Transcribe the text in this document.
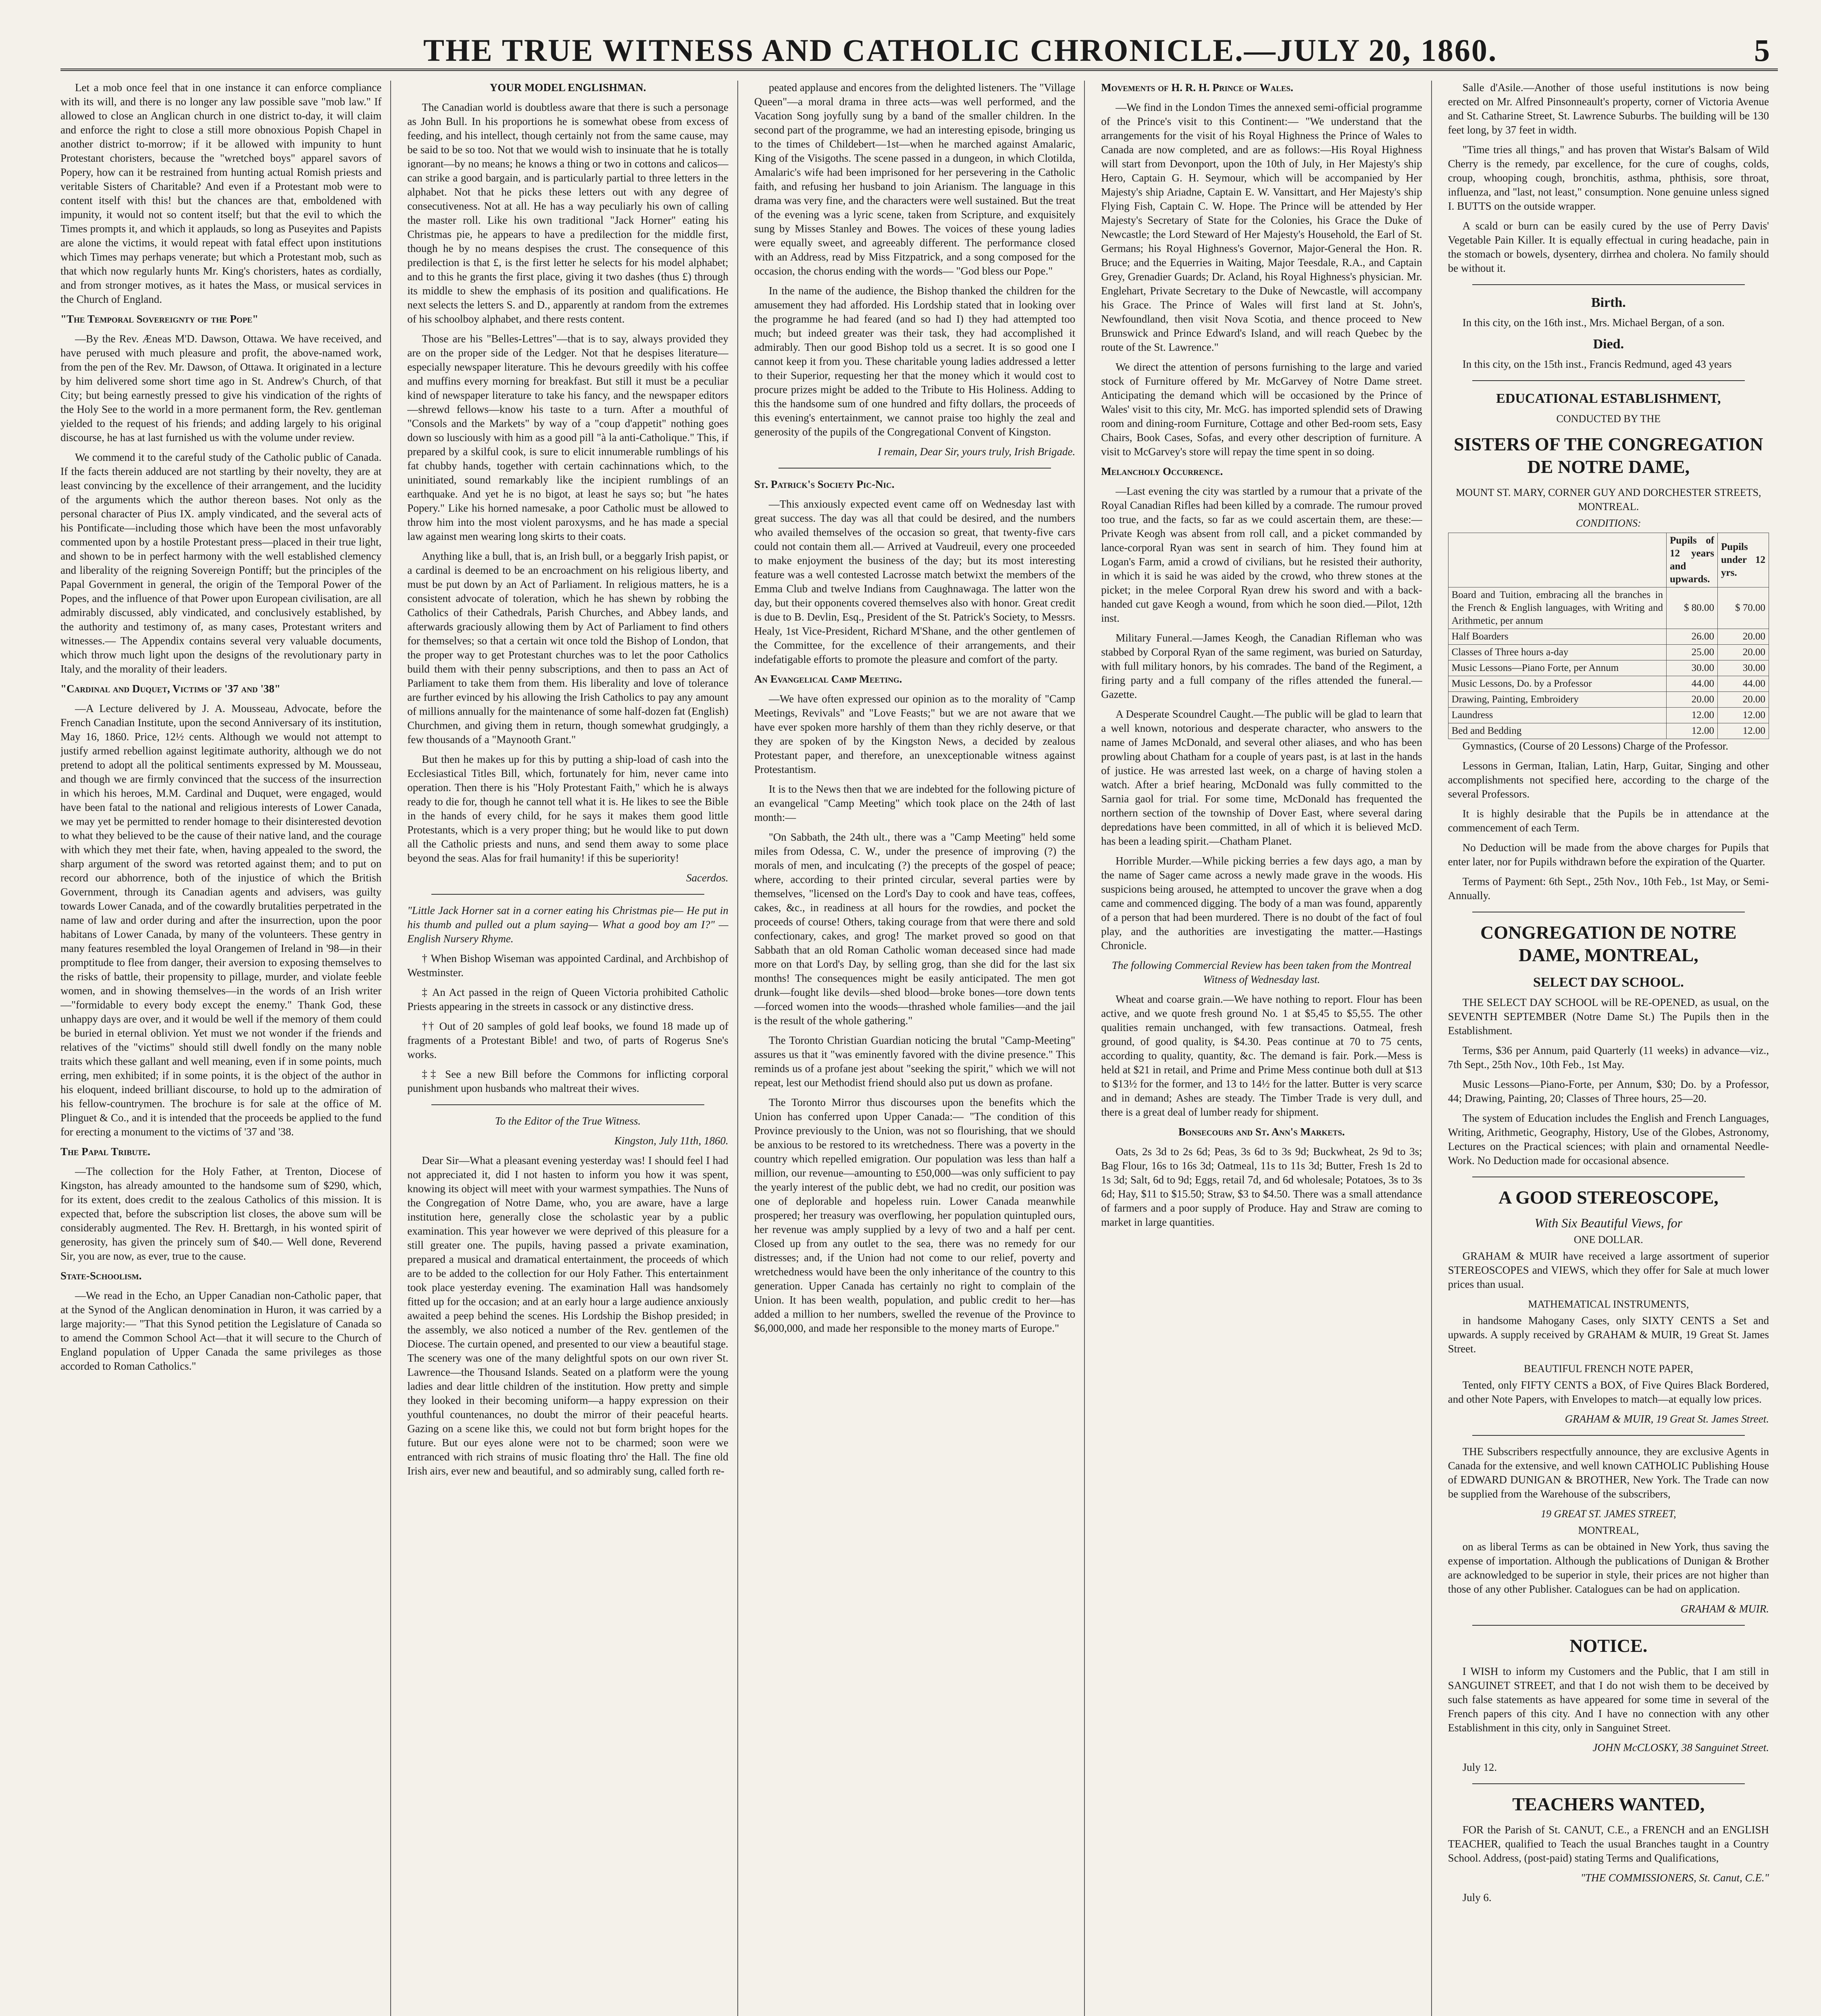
THE TRUE WITNESS AND CATHOLIC CHRONICLE.—JULY 20, 1860.	5

Let a mob once feel that in one instance it can enforce compliance with its will, and there is no longer any law possible save "mob law." If allowed to close an Anglican church in one district to-day, it will claim and enforce the right to close a still more obnoxious Popish Chapel in another district to-morrow; if it be allowed with impunity to hunt Protestant choristers, because the "wretched boys" apparel savors of Popery, how can it be restrained from hunting actual Romish priests and veritable Sisters of Charitable? And even if a Protestant mob were to content itself with this! but the chances are that, emboldened with impunity, it would not so content itself; but that the evil to which the Times prompts it, and which it applauds, so long as Puseyites and Papists are alone the victims, it would repeat with fatal effect upon institutions which Times may perhaps venerate; but which a Protestant mob, such as that which now regularly hunts Mr. King's choristers, hates as cordially, and from stronger motives, as it hates the Mass, or musical services in the Church of England.

"The Temporal Sovereignty of the Pope"

—By the Rev. Æneas M'D. Dawson, Ottawa. We have received, and have perused with much pleasure and profit, the above-named work, from the pen of the Rev. Mr. Dawson, of Ottawa. It originated in a lecture by him delivered some short time ago in St. Andrew's Church, of that City; but being earnestly pressed to give his vindication of the rights of the Holy See to the world in a more permanent form, the Rev. gentleman yielded to the request of his friends; and adding largely to his original discourse, he has at last furnished us with the volume under review.

We commend it to the careful study of the Catholic public of Canada. If the facts therein adduced are not startling by their novelty, they are at least convincing by the excellence of their arrangement, and the lucidity of the arguments which the author thereon bases. Not only as the personal character of Pius IX. amply vindicated, and the several acts of his Pontificate—including those which have been the most unfavorably commented upon by a hostile Protestant press—placed in their true light, and shown to be in perfect harmony with the well established clemency and liberality of the reigning Sovereign Pontiff; but the principles of the Papal Government in general, the origin of the Temporal Power of the Popes, and the influence of that Power upon European civilisation, are all admirably discussed, ably vindicated, and conclusively established, by the authority and testimony of, as many cases, Protestant writers and witnesses.— The Appendix contains several very valuable documents, which throw much light upon the designs of the revolutionary party in Italy, and the morality of their leaders.

"Cardinal and Duquet, Victims of '37 and '38"

—A Lecture delivered by J. A. Mousseau, Advocate, before the French Canadian Institute, upon the second Anniversary of its institution, May 16, 1860. Price, 12½ cents. Although we would not attempt to justify armed rebellion against legitimate authority, although we do not pretend to adopt all the political sentiments expressed by M. Mousseau, and though we are firmly convinced that the success of the insurrection in which his heroes, M.M. Cardinal and Duquet, were engaged, would have been fatal to the national and religious interests of Lower Canada, we may yet be permitted to render homage to their disinterested devotion to what they believed to be the cause of their native land, and the courage with which they met their fate, when, having appealed to the sword, the sharp argument of the sword was retorted against them; and to put on record our abhorrence, both of the injustice of which the British Government, through its Canadian agents and advisers, was guilty towards Lower Canada, and of the cowardly brutalities perpetrated in the name of law and order during and after the insurrection, upon the poor habitans of Lower Canada, by many of the volunteers. These gentry in many features resembled the loyal Orangemen of Ireland in '98—in their promptitude to flee from danger, their aversion to exposing themselves to the risks of battle, their propensity to pillage, murder, and violate feeble women, and in showing themselves—in the words of an Irish writer—"formidable to every body except the enemy." Thank God, these unhappy days are over, and it would be well if the memory of them could be buried in eternal oblivion. Yet must we not wonder if the friends and relatives of the "victims" should still dwell fondly on the many noble traits which these gallant and well meaning, even if in some points, much erring, men exhibited; if in some points, it is the object of the author in his eloquent, indeed brilliant discourse, to hold up to the admiration of his fellow-countrymen. The brochure is for sale at the office of M. Plinguet & Co., and it is intended that the proceeds be applied to the fund for erecting a monument to the victims of '37 and '38.

The Papal Tribute.

—The collection for the Holy Father, at Trenton, Diocese of Kingston, has already amounted to the handsome sum of $290, which, for its extent, does credit to the zealous Catholics of this mission. It is expected that, before the subscription list closes, the above sum will be considerably augmented. The Rev. H. Brettargh, in his wonted spirit of generosity, has given the princely sum of $40.— Well done, Reverend Sir, you are now, as ever, true to the cause.

State-Schoolism.

—We read in the Echo, an Upper Canadian non-Catholic paper, that at the Synod of the Anglican denomination in Huron, it was carried by a large majority:— "That this Synod petition the Legislature of Canada so to amend the Common School Act—that it will secure to the Church of England population of Upper Canada the same privileges as those accorded to Roman Catholics."

YOUR MODEL ENGLISHMAN.

The Canadian world is doubtless aware that there is such a personage as John Bull. In his proportions he is somewhat obese from excess of feeding, and his intellect, though certainly not from the same cause, may be said to be so too. Not that we would wish to insinuate that he is totally ignorant—by no means; he knows a thing or two in cottons and calicos—can strike a good bargain, and is particularly partial to three letters in the alphabet. Not that he picks these letters out with any degree of consecutiveness. Not at all. He has a way peculiarly his own of calling the master roll. Like his own traditional "Jack Horner" eating his Christmas pie, he appears to have a predilection for the middle first, though he by no means despises the crust. The consequence of this predilection is that £, is the first letter he selects for his model alphabet; and to this he grants the first place, giving it two dashes (thus £) through its middle to shew the emphasis of its position and qualifications. He next selects the letters S. and D., apparently at random from the extremes of his schoolboy alphabet, and there rests content.

Those are his "Belles-Lettres"—that is to say, always provided they are on the proper side of the Ledger. Not that he despises literature—especially newspaper literature. This he devours greedily with his coffee and muffins every morning for breakfast. But still it must be a peculiar kind of newspaper literature to take his fancy, and the newspaper editors—shrewd fellows—know his taste to a turn. After a mouthful of "Consols and the Markets" by way of a "coup d'appetit" nothing goes down so lusciously with him as a good pill "à la anti-Catholique." This, if prepared by a skilful cook, is sure to elicit innumerable rumblings of his fat chubby hands, together with certain cachinnations which, to the uninitiated, sound remarkably like the incipient rumblings of an earthquake. And yet he is no bigot, at least he says so; but "he hates Popery." Like his horned namesake, a poor Catholic must be allowed to throw him into the most violent paroxysms, and he has made a special law against men wearing long skirts to their coats.

Anything like a bull, that is, an Irish bull, or a beggarly Irish papist, or a cardinal is deemed to be an encroachment on his religious liberty, and must be put down by an Act of Parliament. In religious matters, he is a consistent advocate of toleration, which he has shewn by robbing the Catholics of their Cathedrals, Parish Churches, and Abbey lands, and afterwards graciously allowing them by Act of Parliament to find others for themselves; so that a certain wit once told the Bishop of London, that the proper way to get Protestant churches was to let the poor Catholics build them with their penny subscriptions, and then to pass an Act of Parliament to take them from them. His liberality and love of tolerance are further evinced by his allowing the Irish Catholics to pay any amount of millions annually for the maintenance of some half-dozen fat (English) Churchmen, and giving them in return, though somewhat grudgingly, a few thousands of a "Maynooth Grant."

But then he makes up for this by putting a ship-load of cash into the Ecclesiastical Titles Bill, which, fortunately for him, never came into operation. Then there is his "Holy Protestant Faith," which he is always ready to die for, though he cannot tell what it is. He likes to see the Bible in the hands of every child, for he says it makes them good little Protestants, which is a very proper thing; but he would like to put down all the Catholic priests and nuns, and send them away to some place beyond the seas. Alas for frail humanity! if this be superiority!

Sacerdos.

"Little Jack Horner sat in a corner eating his Christmas pie— He put in his thumb and pulled out a plum saying— What a good boy am I?" — English Nursery Rhyme.

† When Bishop Wiseman was appointed Cardinal, and Archbishop of Westminster.

‡ An Act passed in the reign of Queen Victoria prohibited Catholic Priests appearing in the streets in cassock or any distinctive dress.

†† Out of 20 samples of gold leaf books, we found 18 made up of fragments of a Protestant Bible! and two, of parts of Rogerus Sne's works.

‡‡ See a new Bill before the Commons for inflicting corporal punishment upon husbands who maltreat their wives.

To the Editor of the True Witness.

Kingston, July 11th, 1860.

Dear Sir—What a pleasant evening yesterday was! I should feel I had not appreciated it, did I not hasten to inform you how it was spent, knowing its object will meet with your warmest sympathies. The Nuns of the Congregation of Notre Dame, who, you are aware, have a large institution here, generally close the scholastic year by a public examination. This year however we were deprived of this pleasure for a still greater one. The pupils, having passed a private examination, prepared a musical and dramatical entertainment, the proceeds of which are to be added to the collection for our Holy Father. This entertainment took place yesterday evening. The examination Hall was handsomely fitted up for the occasion; and at an early hour a large audience anxiously awaited a peep behind the scenes. His Lordship the Bishop presided; in the assembly, we also noticed a number of the Rev. gentlemen of the Diocese. The curtain opened, and presented to our view a beautiful stage. The scenery was one of the many delightful spots on our own river St. Lawrence—the Thousand Islands. Seated on a platform were the young ladies and dear little children of the institution. How pretty and simple they looked in their becoming uniform—a happy expression on their youthful countenances, no doubt the mirror of their peaceful hearts. Gazing on a scene like this, we could not but form bright hopes for the future. But our eyes alone were not to be charmed; soon were we entranced with rich strains of music floating thro' the Hall. The fine old Irish airs, ever new and beautiful, and so admirably sung, called forth re-

peated applause and encores from the delighted listeners. The "Village Queen"—a moral drama in three acts—was well performed, and the Vacation Song joyfully sung by a band of the smaller children. In the second part of the programme, we had an interesting episode, bringing us to the times of Childebert—1st—when he marched against Amalaric, King of the Visigoths. The scene passed in a dungeon, in which Clotilda, Amalaric's wife had been imprisoned for her persevering in the Catholic faith, and refusing her husband to join Arianism. The language in this drama was very fine, and the characters were well sustained. But the treat of the evening was a lyric scene, taken from Scripture, and exquisitely sung by Misses Stanley and Bowes. The voices of these young ladies were equally sweet, and agreeably different. The performance closed with an Address, read by Miss Fitzpatrick, and a song composed for the occasion, the chorus ending with the words— "God bless our Pope."

In the name of the audience, the Bishop thanked the children for the amusement they had afforded. His Lordship stated that in looking over the programme he had feared (and so had I) they had attempted too much; but indeed greater was their task, they had accomplished it admirably. Then our good Bishop told us a secret. It is so good one I cannot keep it from you. These charitable young ladies addressed a letter to their Superior, requesting her that the money which it would cost to procure prizes might be added to the Tribute to His Holiness. Adding to this the handsome sum of one hundred and fifty dollars, the proceeds of this evening's entertainment, we cannot praise too highly the zeal and generosity of the pupils of the Congregational Convent of Kingston.

I remain, Dear Sir, yours truly, Irish Brigade.

St. Patrick's Society Pic-Nic.

—This anxiously expected event came off on Wednesday last with great success. The day was all that could be desired, and the numbers who availed themselves of the occasion so great, that twenty-five cars could not contain them all.— Arrived at Vaudreuil, every one proceeded to make enjoyment the business of the day; but its most interesting feature was a well contested Lacrosse match betwixt the members of the Emma Club and twelve Indians from Caughnawaga. The latter won the day, but their opponents covered themselves also with honor. Great credit is due to B. Devlin, Esq., President of the St. Patrick's Society, to Messrs. Healy, 1st Vice-President, Richard M'Shane, and the other gentlemen of the Committee, for the excellence of their arrangements, and their indefatigable efforts to promote the pleasure and comfort of the party.

An Evangelical Camp Meeting.

—We have often expressed our opinion as to the morality of "Camp Meetings, Revivals" and "Love Feasts;" but we are not aware that we have ever spoken more harshly of them than they richly deserve, or that they are spoken of by the Kingston News, a decided by zealous Protestant paper, and therefore, an unexceptionable witness against Protestantism.

It is to the News then that we are indebted for the following picture of an evangelical "Camp Meeting" which took place on the 24th of last month:—

"On Sabbath, the 24th ult., there was a "Camp Meeting" held some miles from Odessa, C. W., under the presence of improving (?) the morals of men, and inculcating (?) the precepts of the gospel of peace; where, according to their printed circular, several parties were by themselves, "licensed on the Lord's Day to cook and have teas, coffees, cakes, &c., in readiness at all hours for the rowdies, and pocket the proceeds of course! Others, taking courage from that were there and sold confectionary, cakes, and grog! The market proved so good on that Sabbath that an old Roman Catholic woman deceased since had made more on that Lord's Day, by selling grog, than she did for the last six months! The consequences might be easily anticipated. The men got drunk—fought like devils—shed blood—broke bones—tore down tents—forced women into the woods—thrashed whole families—and the jail is the result of the whole gathering."

The Toronto Christian Guardian noticing the brutal "Camp-Meeting" assures us that it "was eminently favored with the divine presence." This reminds us of a profane jest about "seeking the spirit," which we will not repeat, lest our Methodist friend should also put us down as profane.

The Toronto Mirror thus discourses upon the benefits which the Union has conferred upon Upper Canada:— "The condition of this Province previously to the Union, was not so flourishing, that we should be anxious to be restored to its wretchedness. There was a poverty in the country which repelled emigration. Our population was less than half a million, our revenue—amounting to £50,000—was only sufficient to pay the yearly interest of the public debt, we had no credit, our position was one of deplorable and hopeless ruin. Lower Canada meanwhile prospered; her treasury was overflowing, her population quintupled ours, her revenue was amply supplied by a levy of two and a half per cent. Closed up from any outlet to the sea, there was no remedy for our distresses; and, if the Union had not come to our relief, poverty and wretchedness would have been the only inheritance of the country to this generation. Upper Canada has certainly no right to complain of the Union. It has been wealth, population, and public credit to her—has added a million to her numbers, swelled the revenue of the Province to $6,000,000, and made her responsible to the money marts of Europe."

Movements of H. R. H. Prince of Wales.

—We find in the London Times the annexed semi-official programme of the Prince's visit to this Continent:— "We understand that the arrangements for the visit of his Royal Highness the Prince of Wales to Canada are now completed, and are as follows:—His Royal Highness will start from Devonport, upon the 10th of July, in Her Majesty's ship Hero, Captain G. H. Seymour, which will be accompanied by Her Majesty's ship Ariadne, Captain E. W. Vansittart, and Her Majesty's ship Flying Fish, Captain C. W. Hope. The Prince will be attended by Her Majesty's Secretary of State for the Colonies, his Grace the Duke of Newcastle; the Lord Steward of Her Majesty's Household, the Earl of St. Germans; his Royal Highness's Governor, Major-General the Hon. R. Bruce; and the Equerries in Waiting, Major Teesdale, R.A., and Captain Grey, Grenadier Guards; Dr. Acland, his Royal Highness's physician. Mr. Englehart, Private Secretary to the Duke of Newcastle, will accompany his Grace. The Prince of Wales will first land at St. John's, Newfoundland, then visit Nova Scotia, and thence proceed to New Brunswick and Prince Edward's Island, and will reach Quebec by the route of the St. Lawrence."

We direct the attention of persons furnishing to the large and varied stock of Furniture offered by Mr. McGarvey of Notre Dame street. Anticipating the demand which will be occasioned by the Prince of Wales' visit to this city, Mr. McG. has imported splendid sets of Drawing room and dining-room Furniture, Cottage and other Bed-room sets, Easy Chairs, Book Cases, Sofas, and every other description of furniture. A visit to McGarvey's store will repay the time spent in so doing.

Melancholy Occurrence.

—Last evening the city was startled by a rumour that a private of the Royal Canadian Rifles had been killed by a comrade. The rumour proved too true, and the facts, so far as we could ascertain them, are these:—Private Keogh was absent from roll call, and a picket commanded by lance-corporal Ryan was sent in search of him. They found him at Logan's Farm, amid a crowd of civilians, but he resisted their authority, in which it is said he was aided by the crowd, who threw stones at the picket; in the melee Corporal Ryan drew his sword and with a back-handed cut gave Keogh a wound, from which he soon died.—Pilot, 12th inst.

Military Funeral.—James Keogh, the Canadian Rifleman who was stabbed by Corporal Ryan of the same regiment, was buried on Saturday, with full military honors, by his comrades. The band of the Regiment, a firing party and a full company of the rifles attended the funeral.—Gazette.

A Desperate Scoundrel Caught.—The public will be glad to learn that a well known, notorious and desperate character, who answers to the name of James McDonald, and several other aliases, and who has been prowling about Chatham for a couple of years past, is at last in the hands of justice. He was arrested last week, on a charge of having stolen a watch. After a brief hearing, McDonald was fully committed to the Sarnia gaol for trial. For some time, McDonald has frequented the northern section of the township of Dover East, where several daring depredations have been committed, in all of which it is believed McD. has been a leading spirit.—Chatham Planet.

Horrible Murder.—While picking berries a few days ago, a man by the name of Sager came across a newly made grave in the woods. His suspicions being aroused, he attempted to uncover the grave when a dog came and commenced digging. The body of a man was found, apparently of a person that had been murdered. There is no doubt of the fact of foul play, and the authorities are investigating the matter.—Hastings Chronicle.

The following Commercial Review has been taken from the Montreal Witness of Wednesday last.

Wheat and coarse grain.—We have nothing to report. Flour has been active, and we quote fresh ground No. 1 at $5,45 to $5,55. The other qualities remain unchanged, with few transactions. Oatmeal, fresh ground, of good quality, is $4.30. Peas continue at 70 to 75 cents, according to quality, quantity, &c. The demand is fair. Pork.—Mess is held at $21 in retail, and Prime and Prime Mess continue both dull at $13 to $13½ for the former, and 13 to 14½ for the latter. Butter is very scarce and in demand; Ashes are steady. The Timber Trade is very dull, and there is a great deal of lumber ready for shipment.

Bonsecours and St. Ann's Markets.

Oats, 2s 3d to 2s 6d; Peas, 3s 6d to 3s 9d; Buckwheat, 2s 9d to 3s; Bag Flour, 16s to 16s 3d; Oatmeal, 11s to 11s 3d; Butter, Fresh 1s 2d to 1s 3d; Salt, 6d to 9d; Eggs, retail 7d, and 6d wholesale; Potatoes, 3s to 3s 6d; Hay, $11 to $15.50; Straw, $3 to $4.50. There was a small attendance of farmers and a poor supply of Produce. Hay and Straw are coming to market in large quantities.

Salle d'Asile.—Another of those useful institutions is now being erected on Mr. Alfred Pinsonneault's property, corner of Victoria Avenue and St. Catharine Street, St. Lawrence Suburbs. The building will be 130 feet long, by 37 feet in width.

"Time tries all things," and has proven that Wistar's Balsam of Wild Cherry is the remedy, par excellence, for the cure of coughs, colds, croup, whooping cough, bronchitis, asthma, phthisis, sore throat, influenza, and "last, not least," consumption. None genuine unless signed I. BUTTS on the outside wrapper.

A scald or burn can be easily cured by the use of Perry Davis' Vegetable Pain Killer. It is equally effectual in curing headache, pain in the stomach or bowels, dysentery, dirrhea and cholera. No family should be without it.

Birth.

In this city, on the 16th inst., Mrs. Michael Bergan, of a son.

Died.

In this city, on the 15th inst., Francis Redmund, aged 43 years

EDUCATIONAL ESTABLISHMENT,
CONDUCTED BY THE
SISTERS OF THE CONGREGATION DE NOTRE DAME,
MOUNT ST. MARY, CORNER GUY AND DORCHESTER STREETS, MONTREAL.
CONDITIONS:
	Pupils of 12 years and upwards.	Pupils under 12 yrs.
Board and Tuition, embracing all the branches in the French & English languages, with Writing and Arithmetic, per annum	$ 80.00	$ 70.00
Half Boarders	26.00	20.00
Classes of Three hours a-day	25.00	20.00
Music Lessons—Piano Forte, per Annum	30.00	30.00
Music Lessons, Do. by a Professor	44.00	44.00
Drawing, Painting, Embroidery	20.00	20.00
Laundress	12.00	12.00
Bed and Bedding	12.00	12.00

Gymnastics, (Course of 20 Lessons) Charge of the Professor.

Lessons in German, Italian, Latin, Harp, Guitar, Singing and other accomplishments not specified here, according to the charge of the several Professors.

It is highly desirable that the Pupils be in attendance at the commencement of each Term.

No Deduction will be made from the above charges for Pupils that enter later, nor for Pupils withdrawn before the expiration of the Quarter.

Terms of Payment: 6th Sept., 25th Nov., 10th Feb., 1st May, or Semi-Annually.

CONGREGATION DE NOTRE DAME, MONTREAL,
SELECT DAY SCHOOL.

THE SELECT DAY SCHOOL will be RE-OPENED, as usual, on the SEVENTH SEPTEMBER (Notre Dame St.) The Pupils then in the Establishment.

Terms, $36 per Annum, paid Quarterly (11 weeks) in advance—viz., 7th Sept., 25th Nov., 10th Feb., 1st May.

Music Lessons—Piano-Forte, per Annum, $30; Do. by a Professor, 44; Drawing, Painting, 20; Classes of Three hours, 25—20.

The system of Education includes the English and French Languages, Writing, Arithmetic, Geography, History, Use of the Globes, Astronomy, Lectures on the Practical sciences; with plain and ornamental Needle-Work. No Deduction made for occasional absence.

A GOOD STEREOSCOPE,
With Six Beautiful Views, for
ONE DOLLAR.

GRAHAM & MUIR have received a large assortment of superior STEREOSCOPES and VIEWS, which they offer for Sale at much lower prices than usual.

MATHEMATICAL INSTRUMENTS,

in handsome Mahogany Cases, only SIXTY CENTS a Set and upwards. A supply received by GRAHAM & MUIR, 19 Great St. James Street.

BEAUTIFUL FRENCH NOTE PAPER,

Tented, only FIFTY CENTS a BOX, of Five Quires Black Bordered, and other Note Papers, with Envelopes to match—at equally low prices.

GRAHAM & MUIR, 19 Great St. James Street.

THE Subscribers respectfully announce, they are exclusive Agents in Canada for the extensive, and well known CATHOLIC Publishing House of EDWARD DUNIGAN & BROTHER, New York. The Trade can now be supplied from the Warehouse of the subscribers,

19 GREAT ST. JAMES STREET,
MONTREAL,

on as liberal Terms as can be obtained in New York, thus saving the expense of importation. Although the publications of Dunigan & Brother are acknowledged to be superior in style, their prices are not higher than those of any other Publisher. Catalogues can be had on application.

GRAHAM & MUIR.

NOTICE.

I WISH to inform my Customers and the Public, that I am still in SANGUINET STREET, and that I do not wish them to be deceived by such false statements as have appeared for some time in several of the French papers of this city. And I have no connection with any other Establishment in this city, only in Sanguinet Street.

JOHN McCLOSKY, 38 Sanguinet Street.

July 12.

TEACHERS WANTED,

FOR the Parish of St. CANUT, C.E., a FRENCH and an ENGLISH TEACHER, qualified to Teach the usual Branches taught in a Country School. Address, (post-paid) stating Terms and Qualifications,

"THE COMMISSIONERS, St. Canut, C.E."

July 6.
